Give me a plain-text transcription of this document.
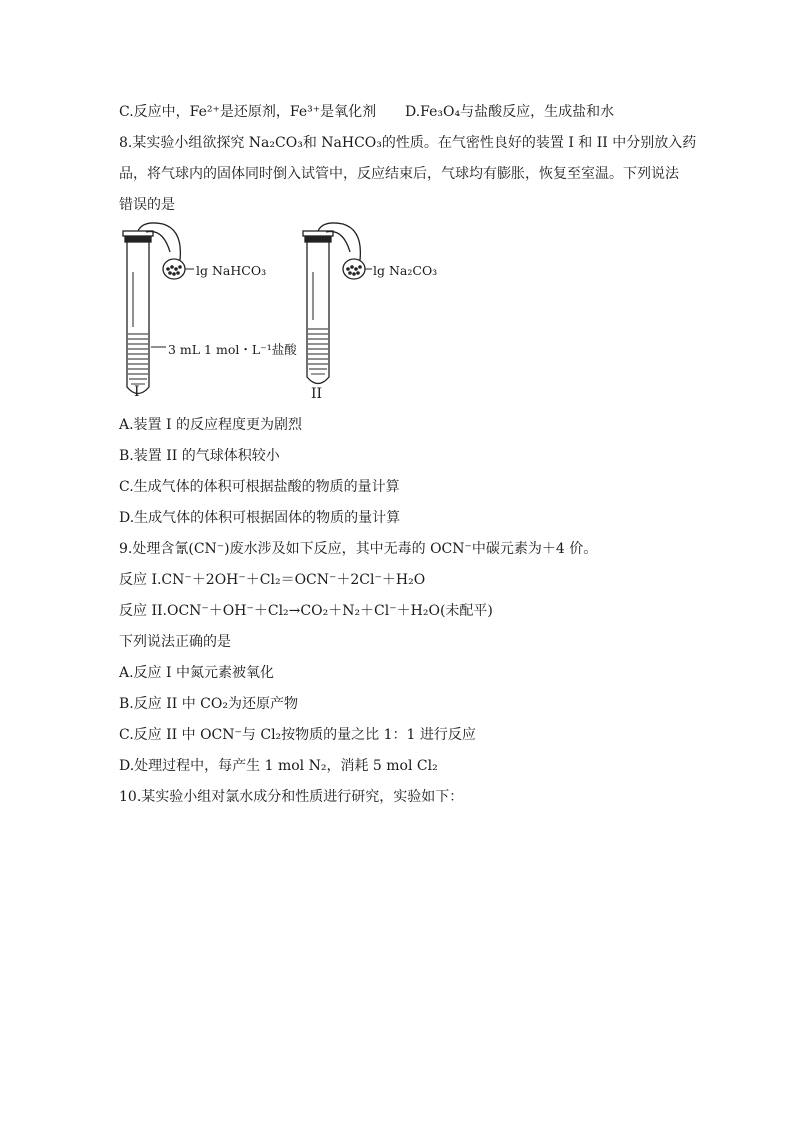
C.反应中，Fe²⁺是还原剂，Fe³⁺是氧化剂 D.Fe₃O₄与盐酸反应，生成盐和水
8.某实验小组欲探究 Na₂CO₃和 NaHCO₃的性质。在气密性良好的装置 I 和 II 中分别放入药
品，将气球内的固体同时倒入试管中，反应结束后，气球均有膨胀，恢复至室温。下列说法
错误的是
lg NaHCO₃	lg Na₂CO₃
3 mL 1 mol・L⁻¹盐酸
I	II
A.装置 I 的反应程度更为剧烈
B.装置 II 的气球体积较小
C.生成气体的体积可根据盐酸的物质的量计算
D.生成气体的体积可根据固体的物质的量计算
9.处理含氰(CN⁻)废水涉及如下反应，其中无毒的 OCN⁻中碳元素为＋4 价。
反应 I.CN⁻＋2OH⁻＋Cl₂＝OCN⁻＋2Cl⁻＋H₂O
反应 II.OCN⁻＋OH⁻＋Cl₂→CO₂＋N₂＋Cl⁻＋H₂O(未配平)
下列说法正确的是
A.反应 I 中氮元素被氧化
B.反应 II 中 CO₂为还原产物
C.反应 II 中 OCN⁻与 Cl₂按物质的量之比 1：1 进行反应
D.处理过程中，每产生 1 mol N₂，消耗 5 mol Cl₂
10.某实验小组对氯水成分和性质进行研究，实验如下：
